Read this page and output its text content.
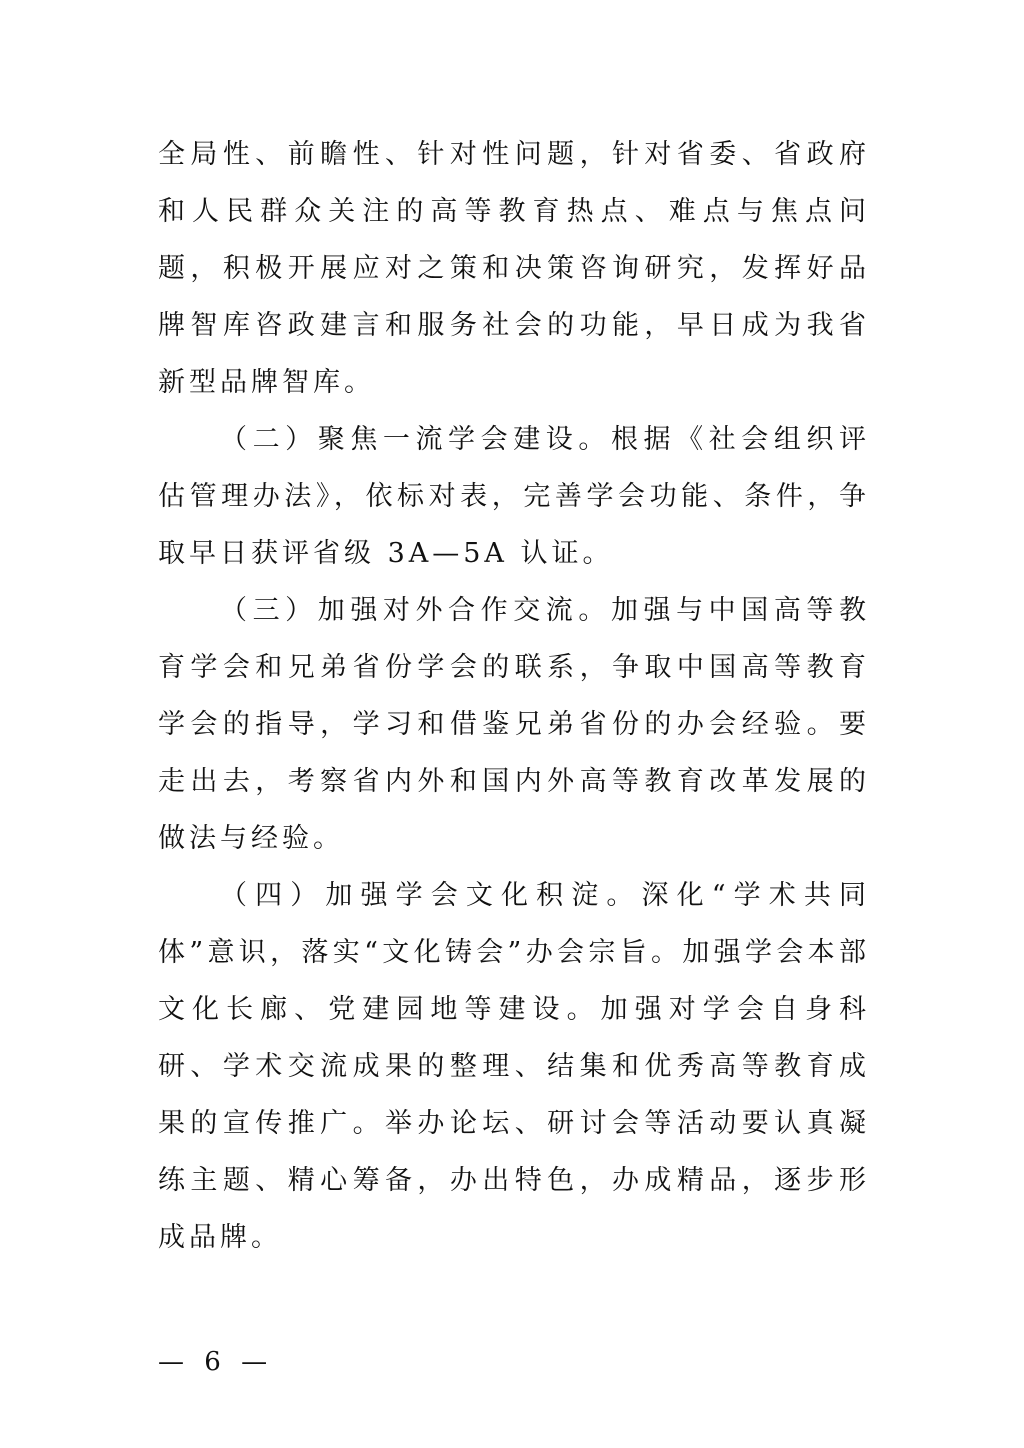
全局性、前瞻性、针对性问题，针对省委、省政府和人民群众关注的高等教育热点、难点与焦点问题，积极开展应对之策和决策咨询研究，发挥好品牌智库咨政建言和服务社会的功能，早日成为我省新型品牌智库。

（二）聚焦一流学会建设。根据《社会组织评估管理办法》，依标对表，完善学会功能、条件，争取早日获评省级 3A—5A 认证。

（三）加强对外合作交流。加强与中国高等教育学会和兄弟省份学会的联系，争取中国高等教育学会的指导，学习和借鉴兄弟省份的办会经验。要走出去，考察省内外和国内外高等教育改革发展的做法与经验。

（四）加强学会文化积淀。深化“学术共同体”意识，落实“文化铸会”办会宗旨。加强学会本部文化长廊、党建园地等建设。加强对学会自身科研、学术交流成果的整理、结集和优秀高等教育成果的宣传推广。举办论坛、研讨会等活动要认真凝练主题、精心筹备，办出特色，办成精品，逐步形成品牌。

— 6 —
